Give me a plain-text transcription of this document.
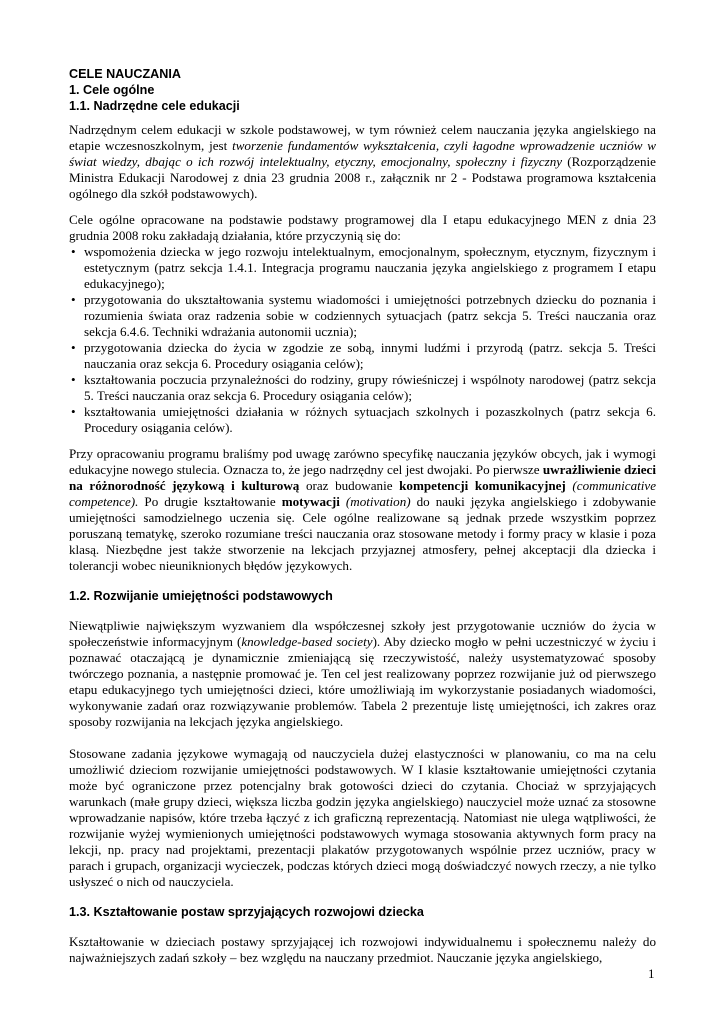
CELE NAUCZANIA
1. Cele ogólne
1.1. Nadrzędne cele edukacji

Nadrzędnym celem edukacji w szkole podstawowej, w tym również celem nauczania języka angielskiego na etapie wczesnoszkolnym, jest tworzenie fundamentów wykształcenia, czyli łagodne wprowadzenie uczniów w świat wiedzy, dbając o ich rozwój intelektualny, etyczny, emocjonalny, społeczny i fizyczny (Rozporządzenie Ministra Edukacji Narodowej z dnia 23 grudnia 2008 r., załącznik nr 2 - Podstawa programowa kształcenia ogólnego dla szkół podstawowych).

Cele ogólne opracowane na podstawie podstawy programowej dla I etapu edukacyjnego MEN z dnia 23 grudnia 2008 roku zakładają działania, które przyczynią się do:

• wspomożenia dziecka w jego rozwoju intelektualnym, emocjonalnym, społecznym, etycznym, fizycznym i estetycznym (patrz sekcja 1.4.1. Integracja programu nauczania języka angielskiego z programem I etapu edukacyjnego);
• przygotowania do ukształtowania systemu wiadomości i umiejętności potrzebnych dziecku do poznania i rozumienia świata oraz radzenia sobie w codziennych sytuacjach (patrz sekcja 5. Treści nauczania oraz sekcja 6.4.6. Techniki wdrażania autonomii ucznia);
• przygotowania dziecka do życia w zgodzie ze sobą, innymi ludźmi i przyrodą (patrz. sekcja 5. Treści nauczania oraz sekcja 6. Procedury osiągania celów);
• kształtowania poczucia przynależności do rodziny, grupy rówieśniczej i wspólnoty narodowej (patrz sekcja 5. Treści nauczania oraz sekcja 6. Procedury osiągania celów);
• kształtowania umiejętności działania w różnych sytuacjach szkolnych i pozaszkolnych (patrz sekcja 6. Procedury osiągania celów).

Przy opracowaniu programu braliśmy pod uwagę zarówno specyfikę nauczania języków obcych, jak i wymogi edukacyjne nowego stulecia. Oznacza to, że jego nadrzędny cel jest dwojaki. Po pierwsze uwrażliwienie dzieci na różnorodność językową i kulturową oraz budowanie kompetencji komunikacyjnej (communicative competence). Po drugie kształtowanie motywacji (motivation) do nauki języka angielskiego i zdobywanie umiejętności samodzielnego uczenia się. Cele ogólne realizowane są jednak przede wszystkim poprzez poruszaną tematykę, szeroko rozumiane treści nauczania oraz stosowane metody i formy pracy w klasie i poza klasą. Niezbędne jest także stworzenie na lekcjach przyjaznej atmosfery, pełnej akceptacji dla dziecka i tolerancji wobec nieuniknionych błędów językowych.

1.2. Rozwijanie umiejętności podstawowych

Niewątpliwie największym wyzwaniem dla współczesnej szkoły jest przygotowanie uczniów do życia w społeczeństwie informacyjnym (knowledge-based society). Aby dziecko mogło w pełni uczestniczyć w życiu i poznawać otaczającą je dynamicznie zmieniającą się rzeczywistość, należy usystematyzować sposoby twórczego poznania, a następnie promować je. Ten cel jest realizowany poprzez rozwijanie już od pierwszego etapu edukacyjnego tych umiejętności dzieci, które umożliwiają im wykorzystanie posiadanych wiadomości, wykonywanie zadań oraz rozwiązywanie problemów. Tabela 2 prezentuje listę umiejętności, ich zakres oraz sposoby rozwijania na lekcjach języka angielskiego.

Stosowane zadania językowe wymagają od nauczyciela dużej elastyczności w planowaniu, co ma na celu umożliwić dzieciom rozwijanie umiejętności podstawowych. W I klasie kształtowanie umiejętności czytania może być ograniczone przez potencjalny brak gotowości dzieci do czytania. Chociaż w sprzyjających warunkach (małe grupy dzieci, większa liczba godzin języka angielskiego) nauczyciel może uznać za stosowne wprowadzanie napisów, które trzeba łączyć z ich graficzną reprezentacją. Natomiast nie ulega wątpliwości, że rozwijanie wyżej wymienionych umiejętności podstawowych wymaga stosowania aktywnych form pracy na lekcji, np. pracy nad projektami, prezentacji plakatów przygotowanych wspólnie przez uczniów, pracy w parach i grupach, organizacji wycieczek, podczas których dzieci mogą doświadczyć nowych rzeczy, a nie tylko usłyszeć o nich od nauczyciela.

1.3. Kształtowanie postaw sprzyjających rozwojowi dziecka

Kształtowanie w dzieciach postawy sprzyjającej ich rozwojowi indywidualnemu i społecznemu należy do najważniejszych zadań szkoły – bez względu na nauczany przedmiot. Nauczanie języka angielskiego,

1
